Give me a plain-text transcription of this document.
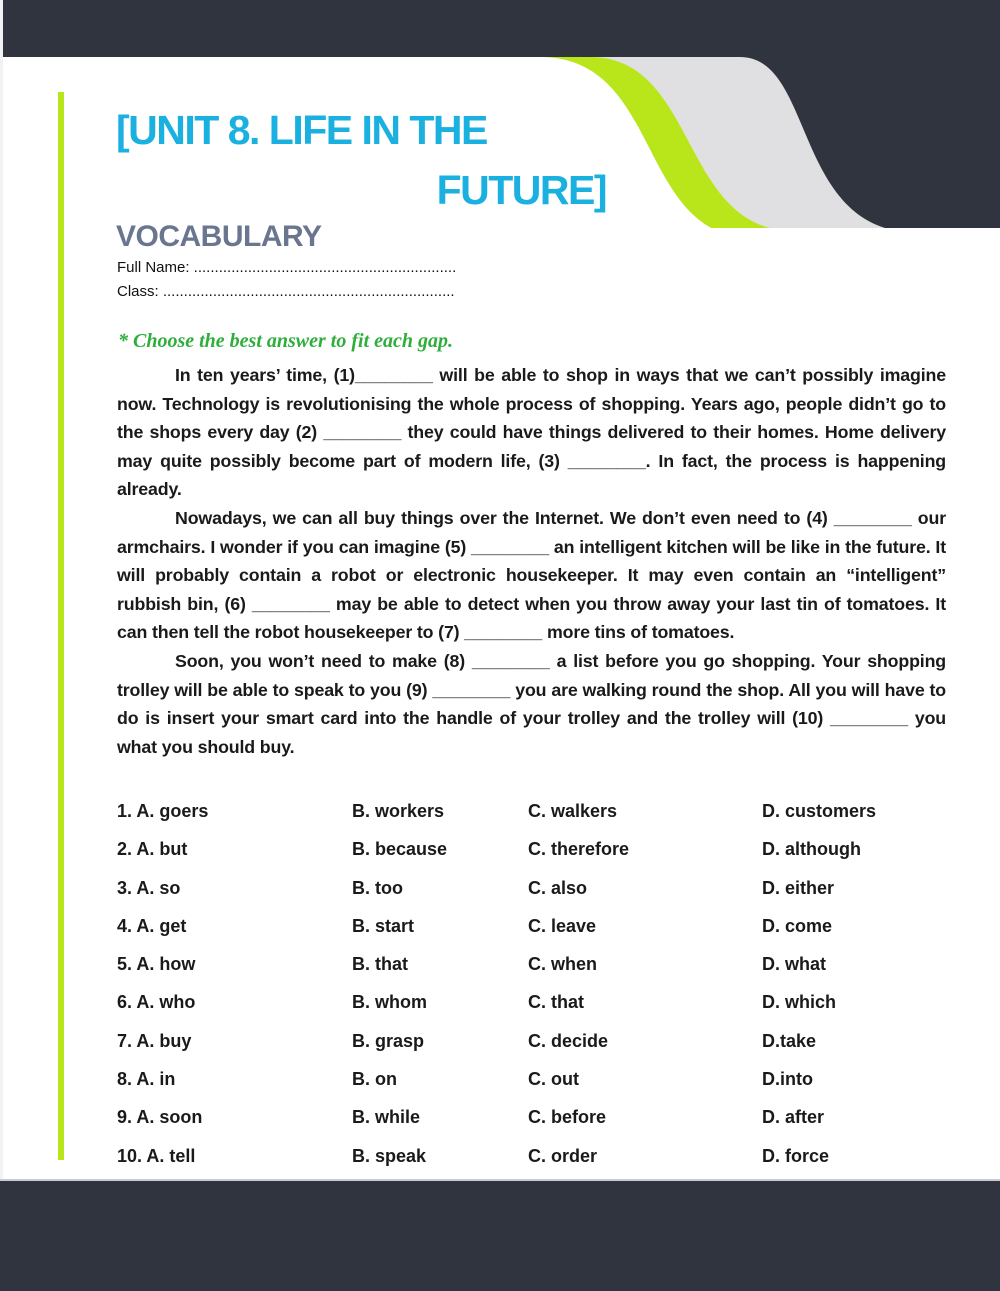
[UNIT 8. LIFE IN THE
FUTURE]
VOCABULARY
Full Name: ...............................................................
Class: ......................................................................

* Choose the best answer to fit each gap.

In ten years’ time, (1)________ will be able to shop in ways that we can’t possibly imagine now. Technology is revolutionising the whole process of shopping. Years ago, people didn’t go to the shops every day (2) ________ they could have things delivered to their homes. Home delivery may quite possibly become part of modern life, (3) ________. In fact, the process is happening already.

Nowadays, we can all buy things over the Internet. We don’t even need to (4) ________ our armchairs. I wonder if you can imagine (5) ________ an intelligent kitchen will be like in the future. It will probably contain a robot or electronic housekeeper. It may even contain an “intelligent” rubbish bin, (6) ________ may be able to detect when you throw away your last tin of tomatoes. It can then tell the robot housekeeper to (7) ________ more tins of tomatoes.

Soon, you won’t need to make (8) ________ a list before you go shopping. Your shopping trolley will be able to speak to you (9) ________ you are walking round the shop. All you will have to do is insert your smart card into the handle of your trolley and the trolley will (10) ________ you what you should buy.

1. A. goers	B. workers	C. walkers	D. customers
2. A. but	B. because	C. therefore	D. although
3. A. so	B. too	C. also	D. either
4. A. get	B. start	C. leave	D. come
5. A. how	B. that	C. when	D. what
6. A. who	B. whom	C. that	D. which
7. A. buy	B. grasp	C. decide	D.take
8. A. in	B. on	C. out	D.into
9. A. soon	B. while	C. before	D. after
10. A. tell	B. speak	C. order	D. force
